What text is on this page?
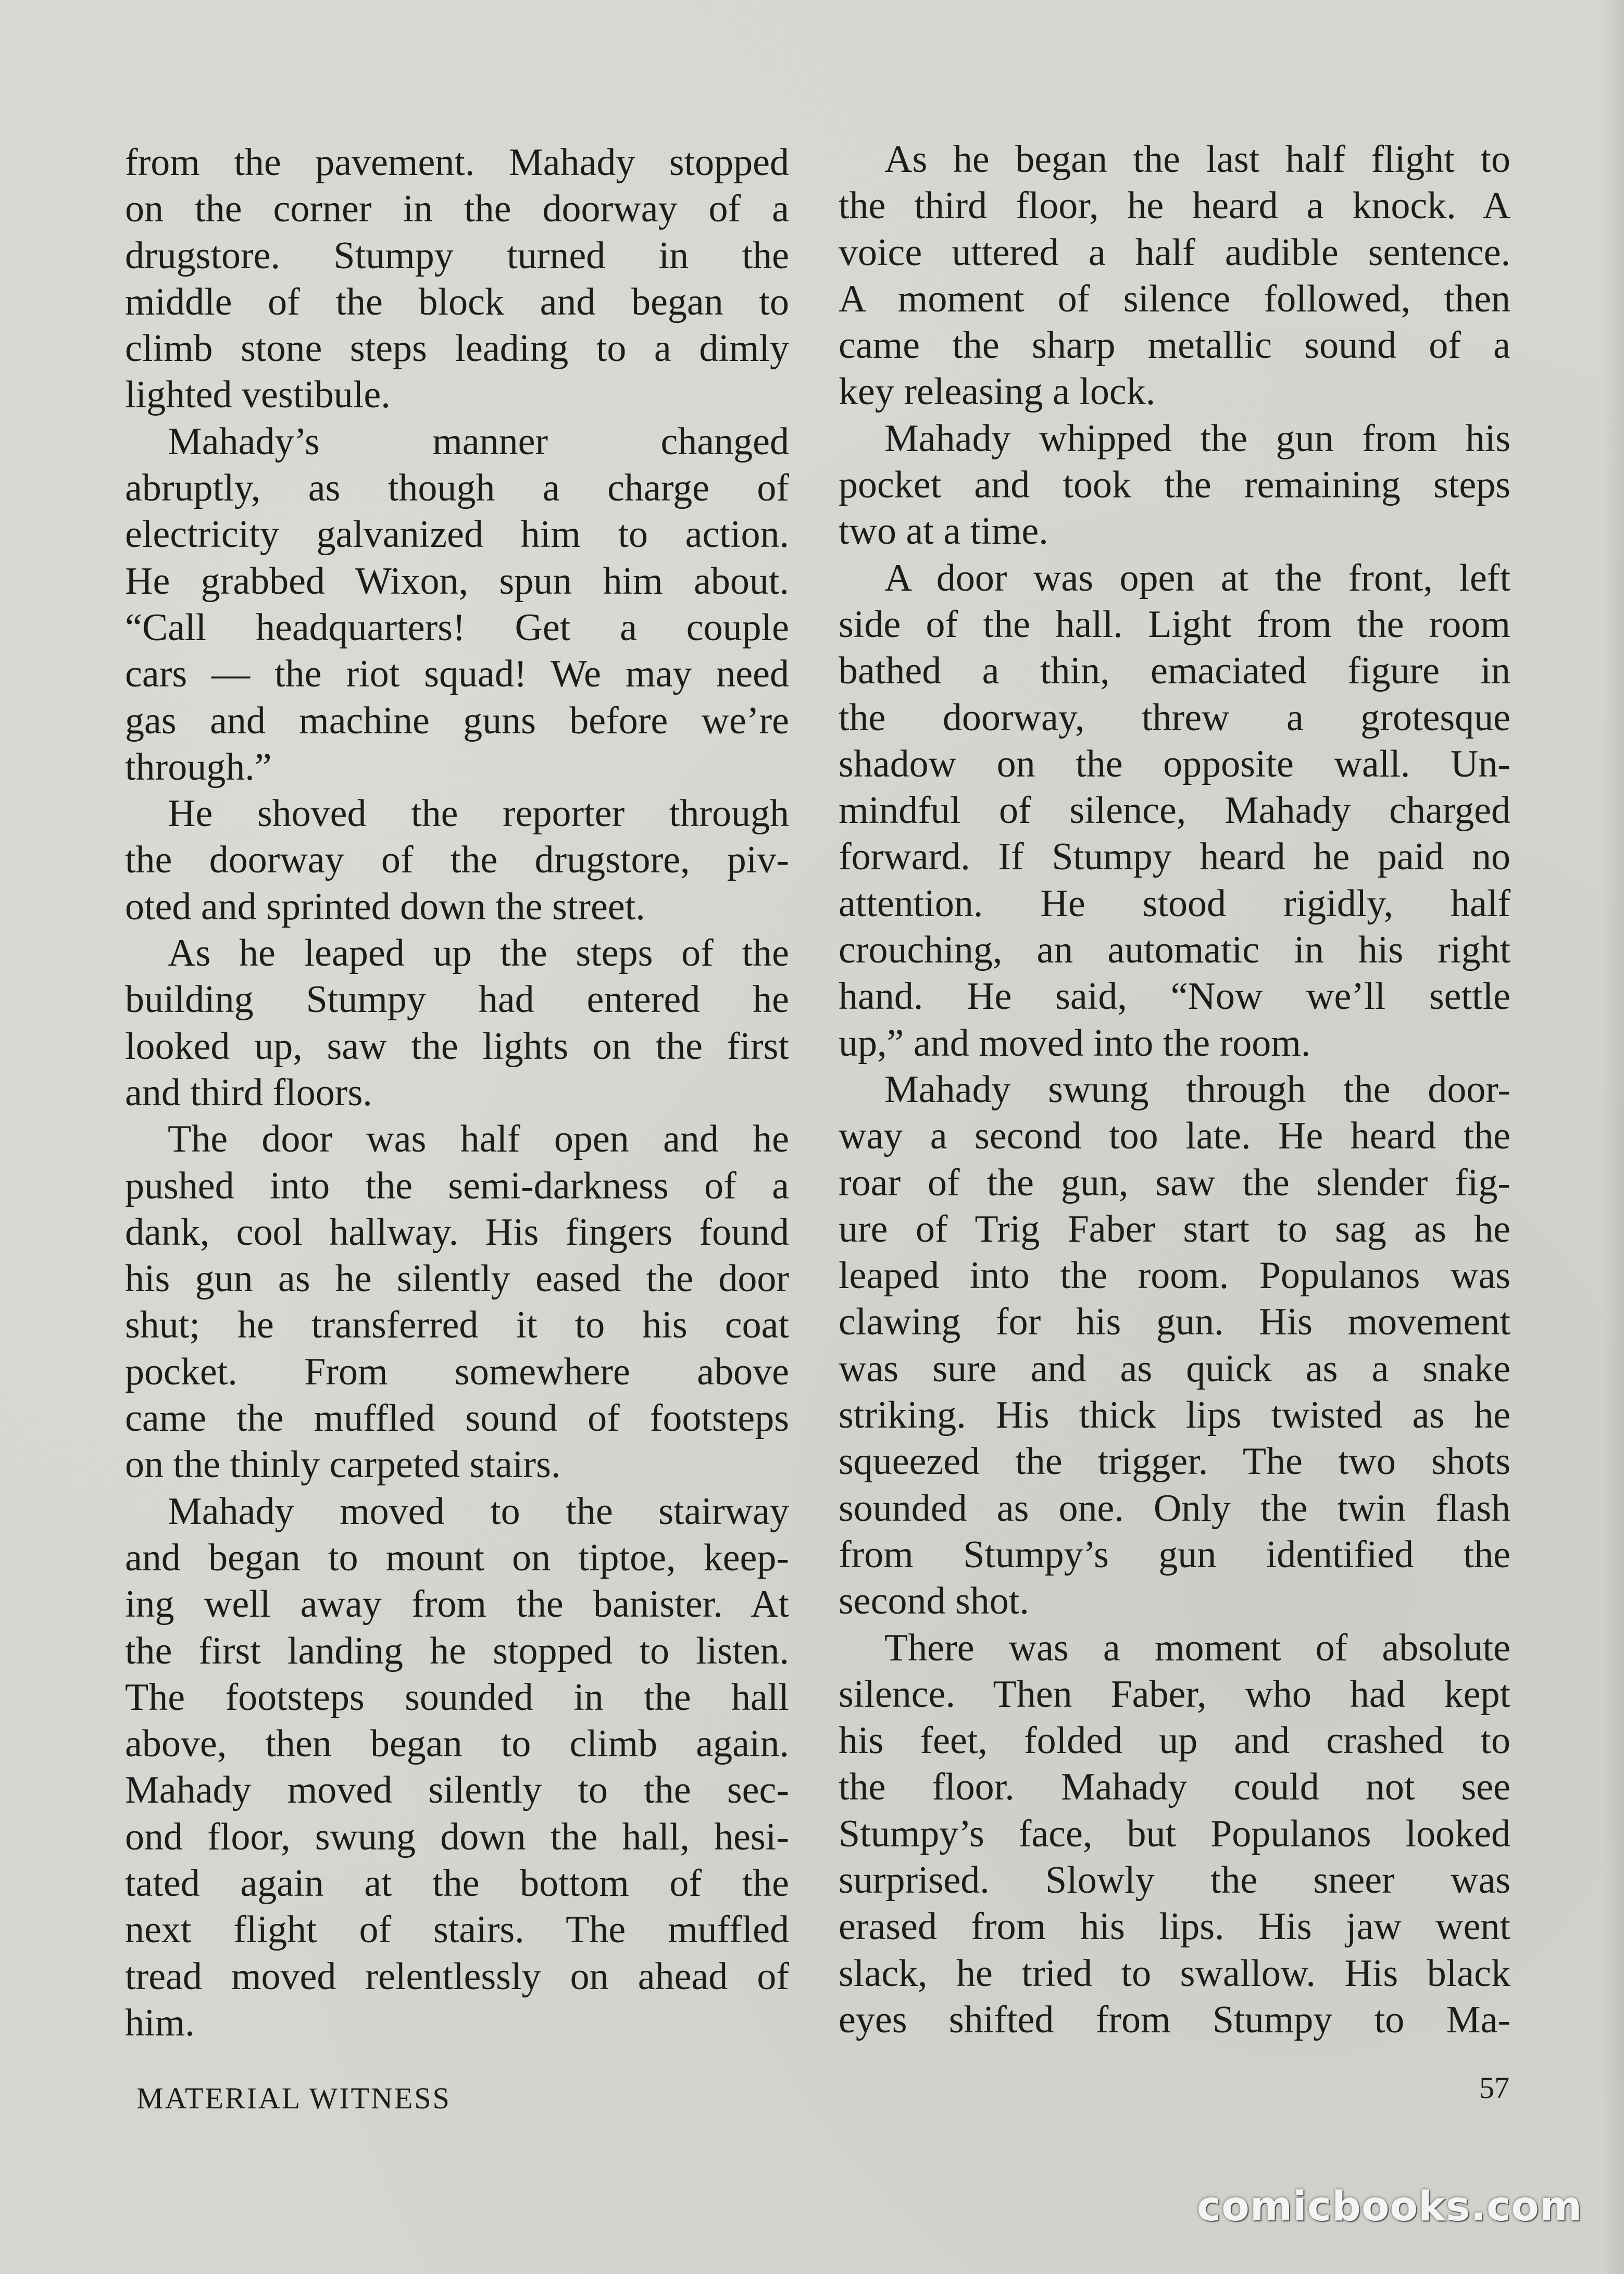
from the pavement. Mahady stopped
on the corner in the doorway of a
drugstore. Stumpy turned in the
middle of the block and began to
climb stone steps leading to a dimly
lighted vestibule.
Mahady’s manner changed
abruptly, as though a charge of
electricity galvanized him to action.
He grabbed Wixon, spun him about.
“Call headquarters! Get a couple
cars — the riot squad! We may need
gas and machine guns before we’re
through.”
He shoved the reporter through
the doorway of the drugstore, piv-
oted and sprinted down the street.
As he leaped up the steps of the
building Stumpy had entered he
looked up, saw the lights on the first
and third floors.
The door was half open and he
pushed into the semi-darkness of a
dank, cool hallway. His fingers found
his gun as he silently eased the door
shut; he transferred it to his coat
pocket. From somewhere above
came the muffled sound of footsteps
on the thinly carpeted stairs.
Mahady moved to the stairway
and began to mount on tiptoe, keep-
ing well away from the banister. At
the first landing he stopped to listen.
The footsteps sounded in the hall
above, then began to climb again.
Mahady moved silently to the sec-
ond floor, swung down the hall, hesi-
tated again at the bottom of the
next flight of stairs. The muffled
tread moved relentlessly on ahead of
him.
As he began the last half flight to
the third floor, he heard a knock. A
voice uttered a half audible sentence.
A moment of silence followed, then
came the sharp metallic sound of a
key releasing a lock.
Mahady whipped the gun from his
pocket and took the remaining steps
two at a time.
A door was open at the front, left
side of the hall. Light from the room
bathed a thin, emaciated figure in
the doorway, threw a grotesque
shadow on the opposite wall. Un-
mindful of silence, Mahady charged
forward. If Stumpy heard he paid no
attention. He stood rigidly, half
crouching, an automatic in his right
hand. He said, “Now we’ll settle
up,” and moved into the room.
Mahady swung through the door-
way a second too late. He heard the
roar of the gun, saw the slender fig-
ure of Trig Faber start to sag as he
leaped into the room. Populanos was
clawing for his gun. His movement
was sure and as quick as a snake
striking. His thick lips twisted as he
squeezed the trigger. The two shots
sounded as one. Only the twin flash
from Stumpy’s gun identified the
second shot.
There was a moment of absolute
silence. Then Faber, who had kept
his feet, folded up and crashed to
the floor. Mahady could not see
Stumpy’s face, but Populanos looked
surprised. Slowly the sneer was
erased from his lips. His jaw went
slack, he tried to swallow. His black
eyes shifted from Stumpy to Ma-
MATERIAL WITNESS	57
comicbooks.com
